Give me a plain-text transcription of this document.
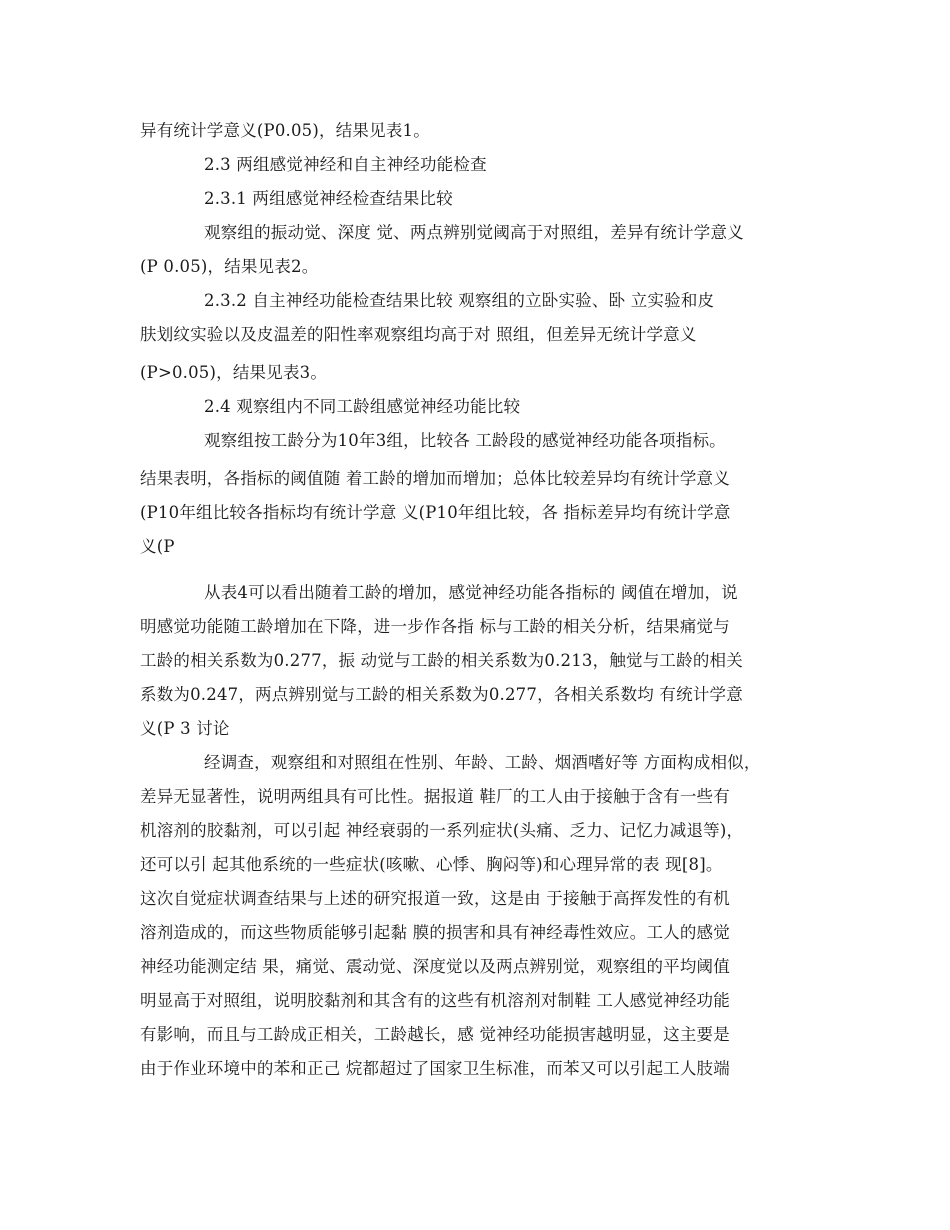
异有统计学意义(P0.05)，结果见表1。
2.3 两组感觉神经和自主神经功能检查
2.3.1 两组感觉神经检查结果比较
观察组的振动觉、深度 觉、两点辨别觉阈高于对照组，差异有统计学意义
(P 0.05)，结果见表2。
2.3.2 自主神经功能检查结果比较 观察组的立卧实验、卧 立实验和皮
肤划纹实验以及皮温差的阳性率观察组均高于对 照组，但差异无统计学意义
(P>0.05)，结果见表3。
2.4 观察组内不同工龄组感觉神经功能比较
观察组按工龄分为10年3组，比较各 工龄段的感觉神经功能各项指标。
结果表明，各指标的阈值随 着工龄的增加而增加；总体比较差异均有统计学意义
(P10年组比较各指标均有统计学意 义(P10年组比较，各 指标差异均有统计学意
义(P
从表4可以看出随着工龄的增加，感觉神经功能各指标的 阈值在增加，说
明感觉功能随工龄增加在下降，进一步作各指 标与工龄的相关分析，结果痛觉与
工龄的相关系数为0.277，振 动觉与工龄的相关系数为0.213，触觉与工龄的相关
系数为0.247，两点辨别觉与工龄的相关系数为0.277，各相关系数均 有统计学意
义(P 3 讨论
经调查，观察组和对照组在性别、年龄、工龄、烟酒嗜好等 方面构成相似，
差异无显著性，说明两组具有可比性。据报道 鞋厂的工人由于接触于含有一些有
机溶剂的胶黏剂，可以引起 神经衰弱的一系列症状(头痛、乏力、记忆力减退等)，
还可以引 起其他系统的一些症状(咳嗽、心悸、胸闷等)和心理异常的表 现[8]。
这次自觉症状调查结果与上述的研究报道一致，这是由 于接触于高挥发性的有机
溶剂造成的，而这些物质能够引起黏 膜的损害和具有神经毒性效应。工人的感觉
神经功能测定结 果，痛觉、震动觉、深度觉以及两点辨别觉，观察组的平均阈值
明显高于对照组，说明胶黏剂和其含有的这些有机溶剂对制鞋 工人感觉神经功能
有影响，而且与工龄成正相关，工龄越长，感 觉神经功能损害越明显，这主要是
由于作业环境中的苯和正己 烷都超过了国家卫生标准，而苯又可以引起工人肢端
